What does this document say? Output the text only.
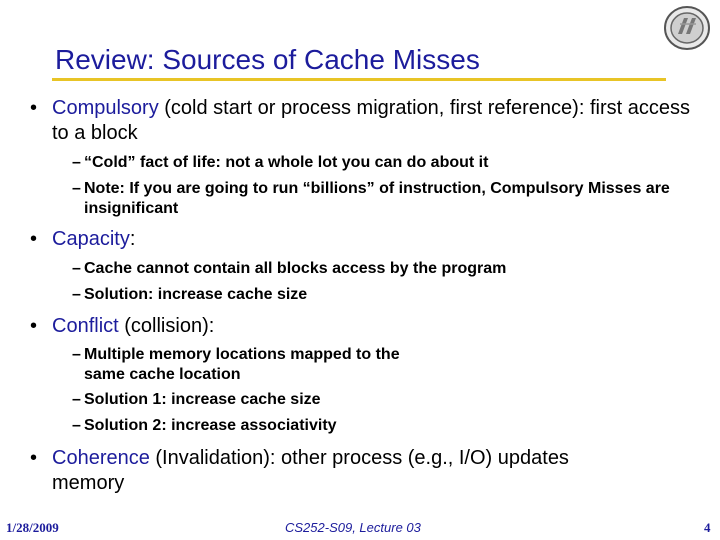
Review: Sources of Cache Misses
• Compulsory (cold start or process migration, first reference): first access to a block
– “Cold” fact of life: not a whole lot you can do about it
– Note: If you are going to run “billions” of instruction, Compulsory Misses are insignificant
• Capacity:
– Cache cannot contain all blocks access by the program
– Solution: increase cache size
• Conflict (collision):
– Multiple memory locations mapped to the same cache location
– Solution 1: increase cache size
– Solution 2: increase associativity
• Coherence (Invalidation): other process (e.g., I/O) updates memory
1/28/2009	CS252-S09, Lecture 03	4
